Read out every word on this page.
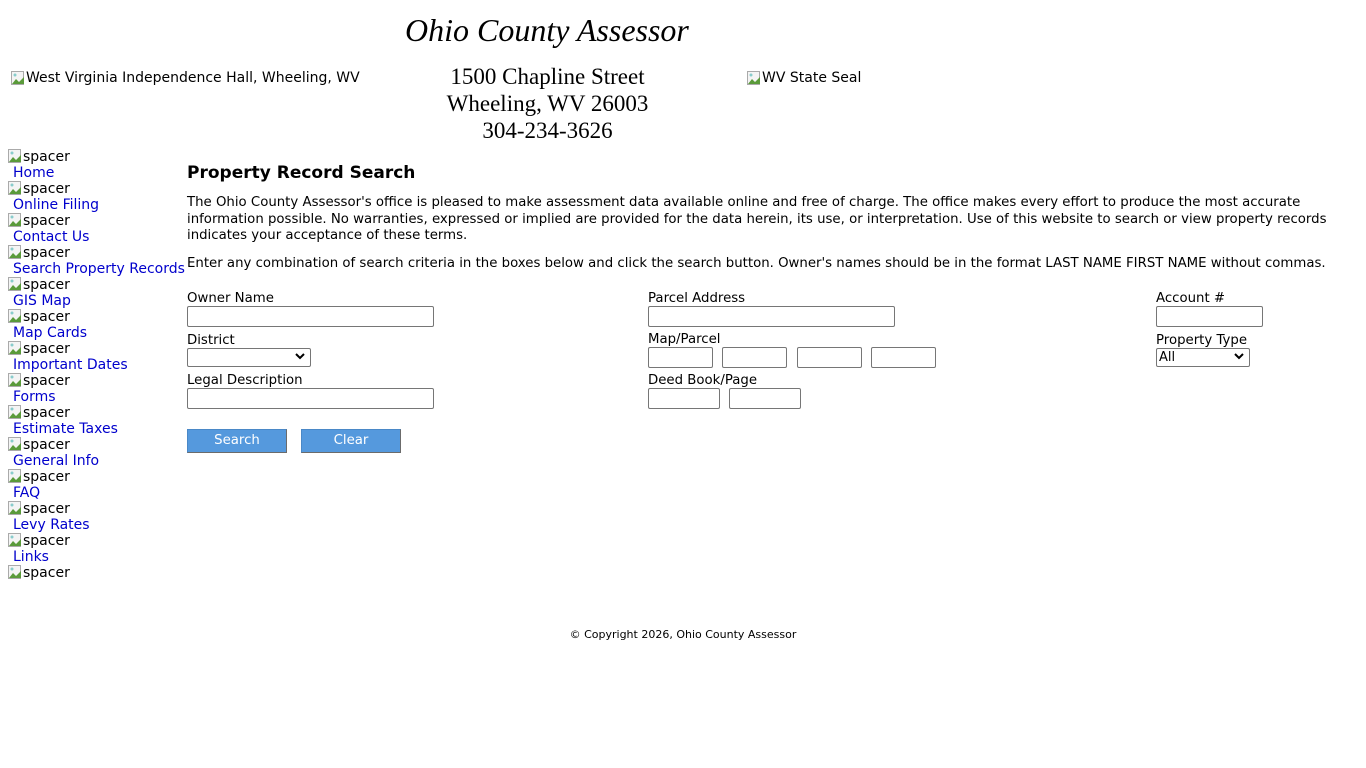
Ohio County Assessor
West Virginia Independence Hall, Wheeling, WV	1500 Chapline Street
Wheeling, WV 26003
304-234-3626
WV State Seal
spacer
Home
spacer
Online Filing
spacer
Contact Us
spacer
Search Property Records
spacer
GIS Map
spacer
Map Cards
spacer
Important Dates
spacer
Forms
spacer
Estimate Taxes
spacer
General Info
spacer
FAQ
spacer
Levy Rates
spacer
Links
spacer
Property Record Search

The Ohio County Assessor's office is pleased to make assessment data available online and free of charge. The office makes every effort to produce the most accurate information possible. No warranties, expressed or implied are provided for the data herein, its use, or interpretation. Use of this website to search or view property records indicates your acceptance of these terms.

Enter any combination of search criteria in the boxes below and click the search button. Owner's names should be in the format LAST NAME FIRST NAME without commas.

Owner Name
District
Legal Description
Search	Clear
Parcel Address
Map/Parcel
Deed Book/Page
Account #
Property Type
All
© Copyright 2026, Ohio County Assessor
